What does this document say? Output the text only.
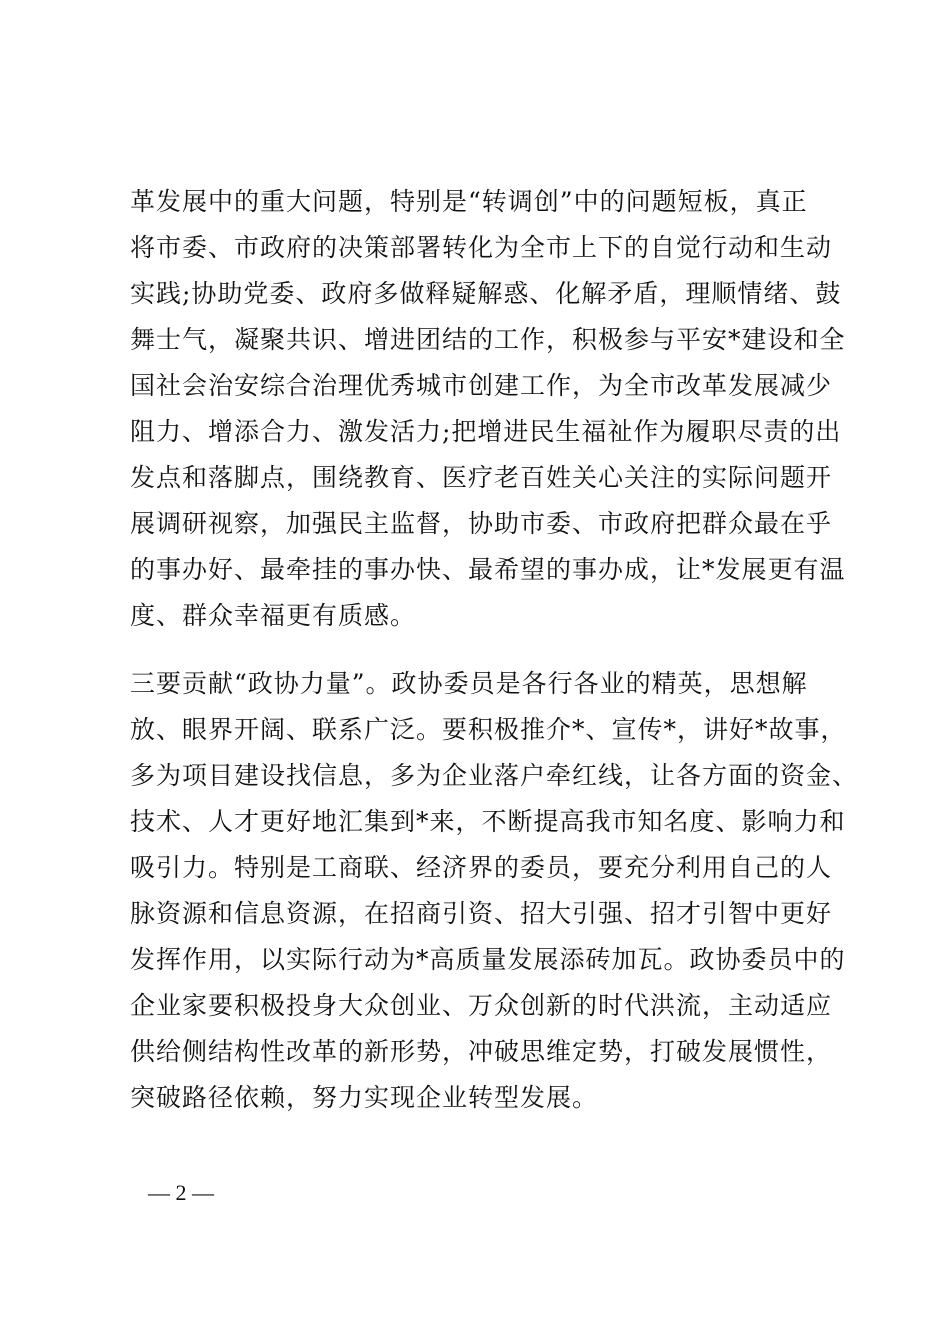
革发展中的重大问题，特别是“转调创”中的问题短板，真正
将市委、市政府的决策部署转化为全市上下的自觉行动和生动
实践;协助党委、政府多做释疑解惑、化解矛盾，理顺情绪、鼓
舞士气，凝聚共识、增进团结的工作，积极参与平安*建设和全
国社会治安综合治理优秀城市创建工作，为全市改革发展减少
阻力、增添合力、激发活力;把增进民生福祉作为履职尽责的出
发点和落脚点，围绕教育、医疗老百姓关心关注的实际问题开
展调研视察，加强民主监督，协助市委、市政府把群众最在乎
的事办好、最牵挂的事办快、最希望的事办成，让*发展更有温
度、群众幸福更有质感。
三要贡献“政协力量”。政协委员是各行各业的精英，思想解
放、眼界开阔、联系广泛。要积极推介*、宣传*，讲好*故事，
多为项目建设找信息，多为企业落户牵红线，让各方面的资金、
技术、人才更好地汇集到*来，不断提高我市知名度、影响力和
吸引力。特别是工商联、经济界的委员，要充分利用自己的人
脉资源和信息资源，在招商引资、招大引强、招才引智中更好
发挥作用，以实际行动为*高质量发展添砖加瓦。政协委员中的
企业家要积极投身大众创业、万众创新的时代洪流，主动适应
供给侧结构性改革的新形势，冲破思维定势，打破发展惯性，
突破路径依赖，努力实现企业转型发展。
— 2 —
